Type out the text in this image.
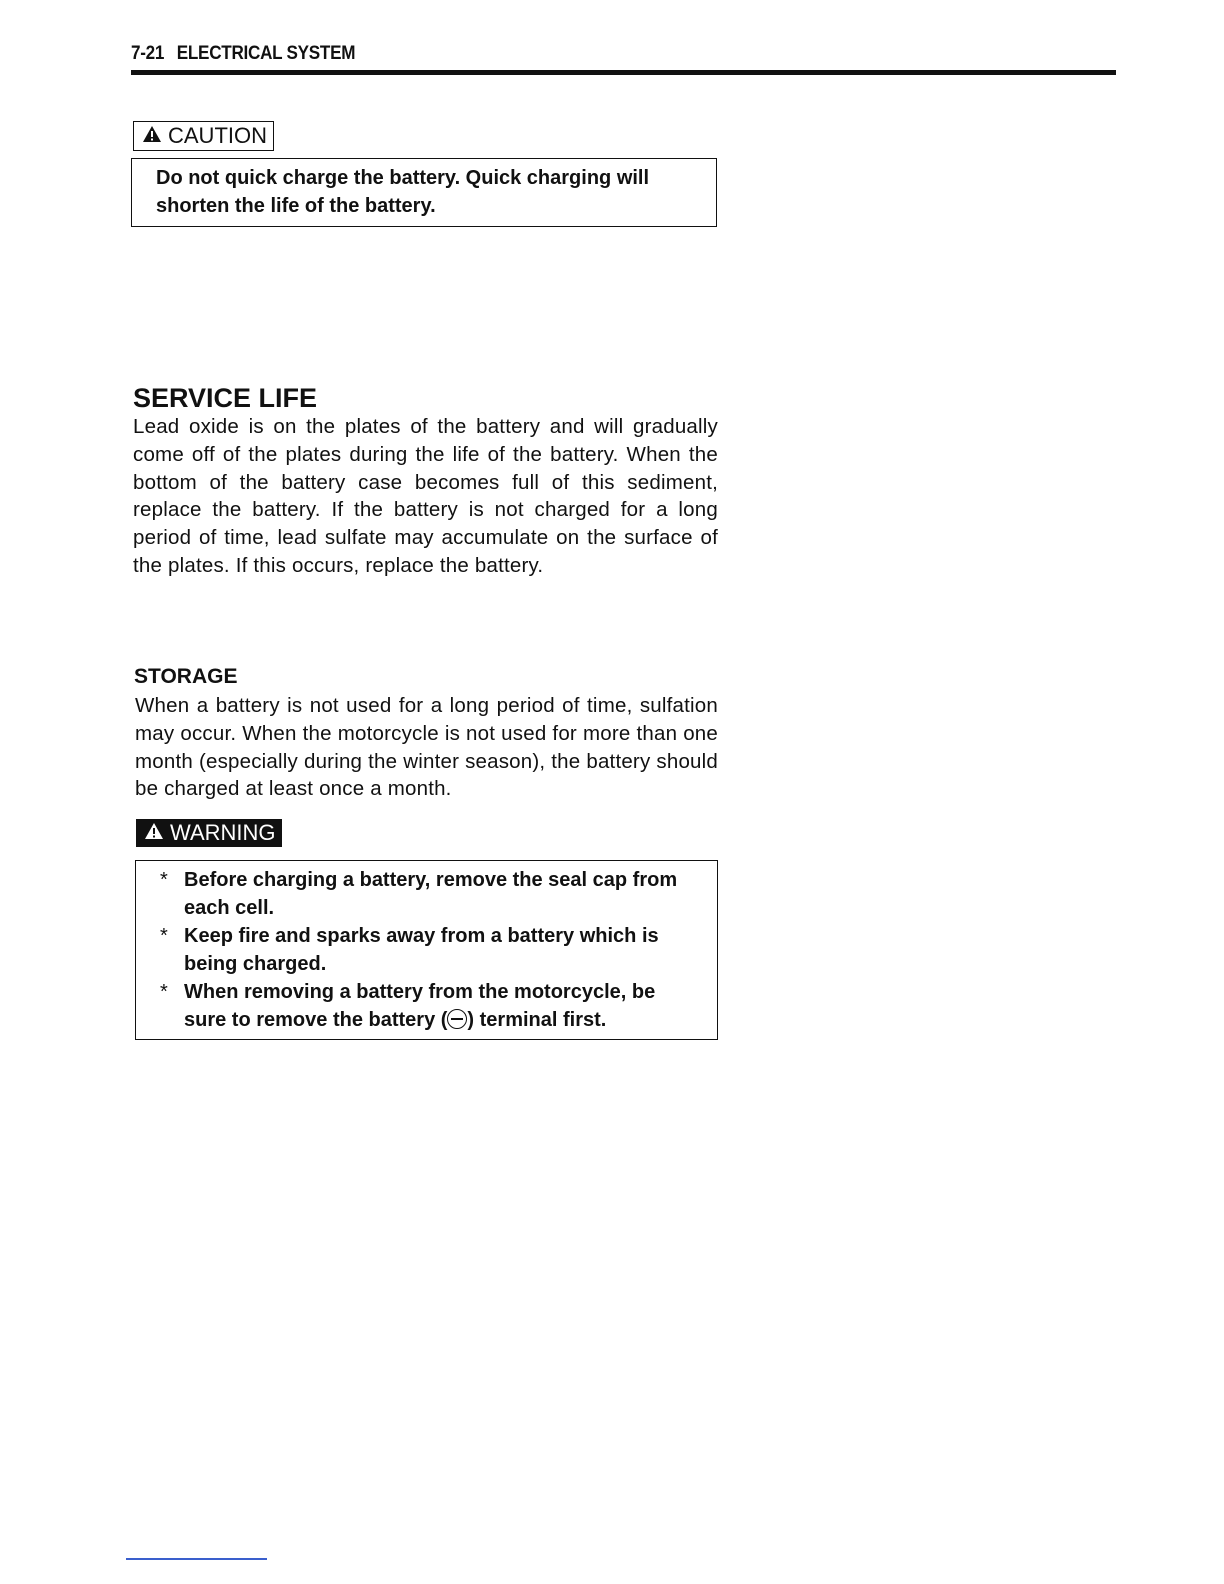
7-21 ELECTRICAL SYSTEM
CAUTION
Do not quick charge the battery. Quick charging will shorten the life of the battery.
SERVICE LIFE
Lead oxide is on the plates of the battery and will gradually come off of the plates during the life of the battery. When the bottom of the battery case becomes full of this sediment, replace the battery. If the battery is not charged for a long period of time, lead sulfate may accumulate on the surface of the plates. If this occurs, replace the battery.
STORAGE
When a battery is not used for a long period of time, sulfation may occur. When the motorcycle is not used for more than one month (especially during the winter season), the battery should be charged at least once a month.
WARNING
* Before charging a battery, remove the seal cap from each cell.
* Keep fire and sparks away from a battery which is being charged.
* When removing a battery from the motorcycle, be sure to remove the battery ( ) terminal first.
